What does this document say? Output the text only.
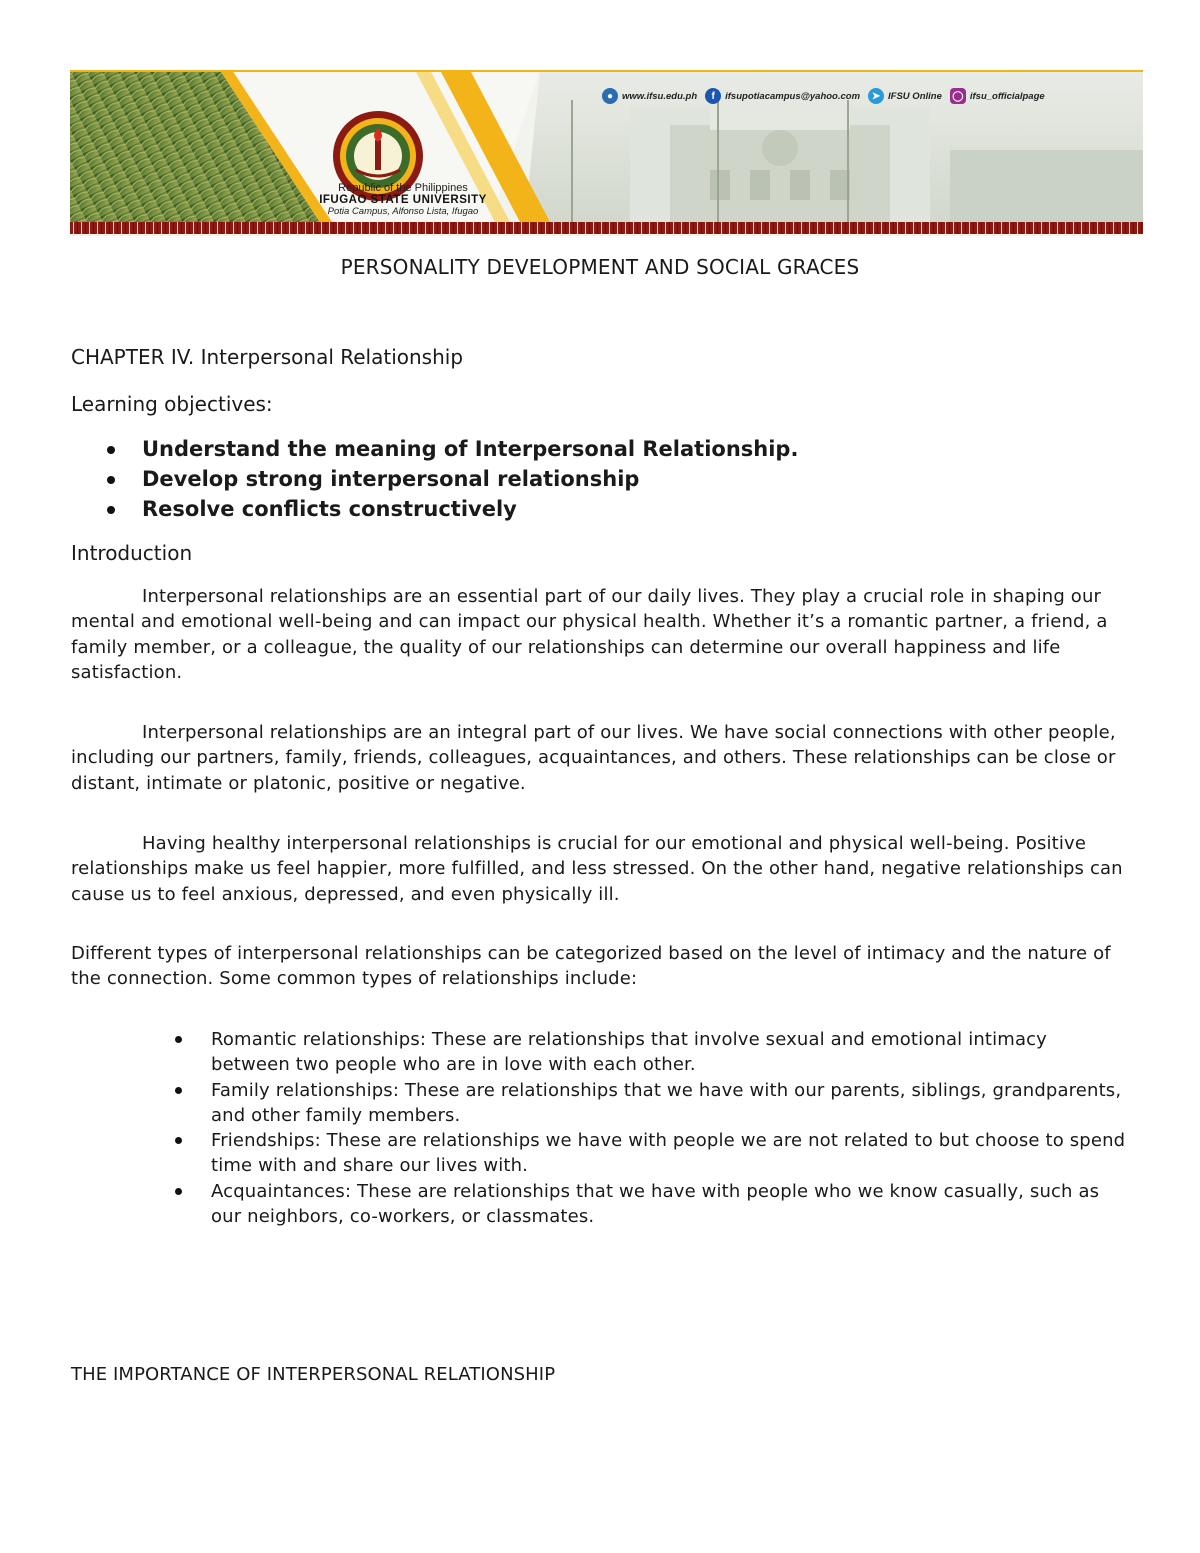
Republic of the Philippines
IFUGAO STATE UNIVERSITY
Potia Campus, Alfonso Lista, Ifugao
● www.ifsu.edu.ph	f	ifsupotiacampus@yahoo.com	➤ IFSU Online ◯ ifsu_officialpage
PERSONALITY DEVELOPMENT AND SOCIAL GRACES
CHAPTER IV. Interpersonal Relationship
Learning objectives:
Understand the meaning of Interpersonal Relationship.
Develop strong interpersonal relationship
Resolve conflicts constructively
Introduction

Interpersonal relationships are an essential part of our daily lives. They play a crucial role in shaping our mental and emotional well-being and can impact our physical health. Whether it’s a romantic partner, a friend, a family member, or a colleague, the quality of our relationships can determine our overall happiness and life satisfaction.

Interpersonal relationships are an integral part of our lives. We have social connections with other people, including our partners, family, friends, colleagues, acquaintances, and others. These relationships can be close or distant, intimate or platonic, positive or negative.

Having healthy interpersonal relationships is crucial for our emotional and physical well-being. Positive relationships make us feel happier, more fulfilled, and less stressed. On the other hand, negative relationships can cause us to feel anxious, depressed, and even physically ill.

Different types of interpersonal relationships can be categorized based on the level of intimacy and the nature of the connection. Some common types of relationships include:

Romantic relationships: These are relationships that involve sexual and emotional intimacy between two people who are in love with each other.
Family relationships: These are relationships that we have with our parents, siblings, grandparents, and other family members.
Friendships: These are relationships we have with people we are not related to but choose to spend time with and share our lives with.
Acquaintances: These are relationships that we have with people who we know casually, such as our neighbors, co-workers, or classmates.
THE IMPORTANCE OF INTERPERSONAL RELATIONSHIP
